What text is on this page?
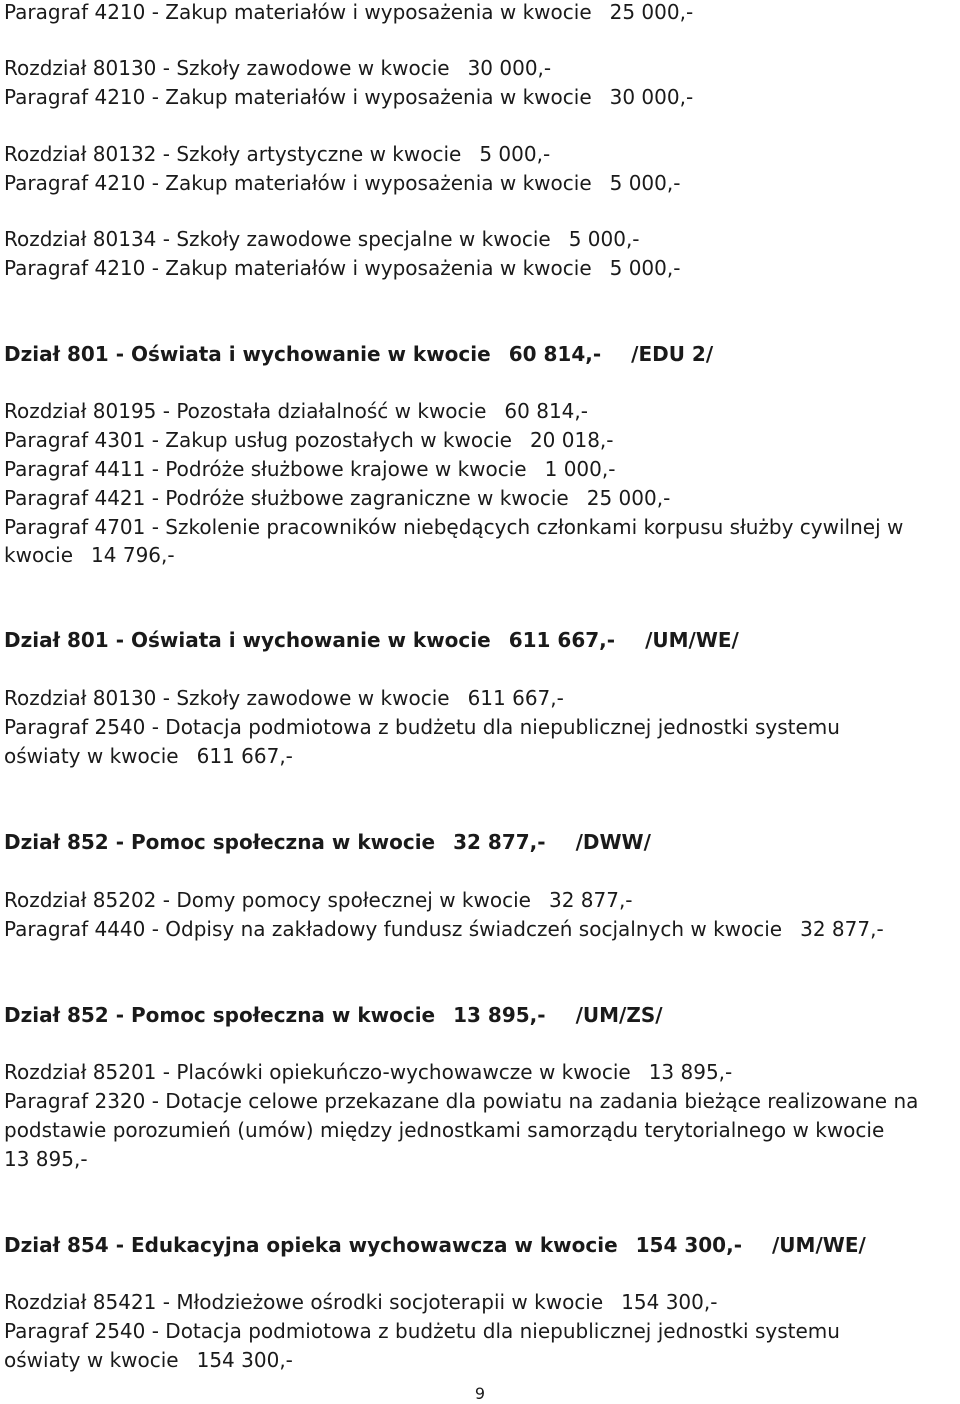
Paragraf 4210 - Zakup materiałów i wyposażenia w kwocie 25 000,-
Rozdział 80130 - Szkoły zawodowe w kwocie 30 000,-
Paragraf 4210 - Zakup materiałów i wyposażenia w kwocie 30 000,-
Rozdział 80132 - Szkoły artystyczne w kwocie 5 000,-
Paragraf 4210 - Zakup materiałów i wyposażenia w kwocie 5 000,-
Rozdział 80134 - Szkoły zawodowe specjalne w kwocie 5 000,-
Paragraf 4210 - Zakup materiałów i wyposażenia w kwocie 5 000,-
Dział 801 - Oświata i wychowanie w kwocie 60 814,- /EDU 2/
Rozdział 80195 - Pozostała działalność w kwocie 60 814,-
Paragraf 4301 - Zakup usług pozostałych w kwocie 20 018,-
Paragraf 4411 - Podróże służbowe krajowe w kwocie 1 000,-
Paragraf 4421 - Podróże służbowe zagraniczne w kwocie 25 000,-
Paragraf 4701 - Szkolenie pracowników niebędących członkami korpusu służby cywilnej w
kwocie 14 796,-
Dział 801 - Oświata i wychowanie w kwocie 611 667,- /UM/WE/
Rozdział 80130 - Szkoły zawodowe w kwocie 611 667,-
Paragraf 2540 - Dotacja podmiotowa z budżetu dla niepublicznej jednostki systemu
oświaty w kwocie 611 667,-
Dział 852 - Pomoc społeczna w kwocie 32 877,- /DWW/
Rozdział 85202 - Domy pomocy społecznej w kwocie 32 877,-
Paragraf 4440 - Odpisy na zakładowy fundusz świadczeń socjalnych w kwocie 32 877,-
Dział 852 - Pomoc społeczna w kwocie 13 895,- /UM/ZS/
Rozdział 85201 - Placówki opiekuńczo-wychowawcze w kwocie 13 895,-
Paragraf 2320 - Dotacje celowe przekazane dla powiatu na zadania bieżące realizowane na
podstawie porozumień (umów) między jednostkami samorządu terytorialnego w kwocie
13 895,-
Dział 854 - Edukacyjna opieka wychowawcza w kwocie 154 300,- /UM/WE/
Rozdział 85421 - Młodzieżowe ośrodki socjoterapii w kwocie 154 300,-
Paragraf 2540 - Dotacja podmiotowa z budżetu dla niepublicznej jednostki systemu
oświaty w kwocie 154 300,-
9
